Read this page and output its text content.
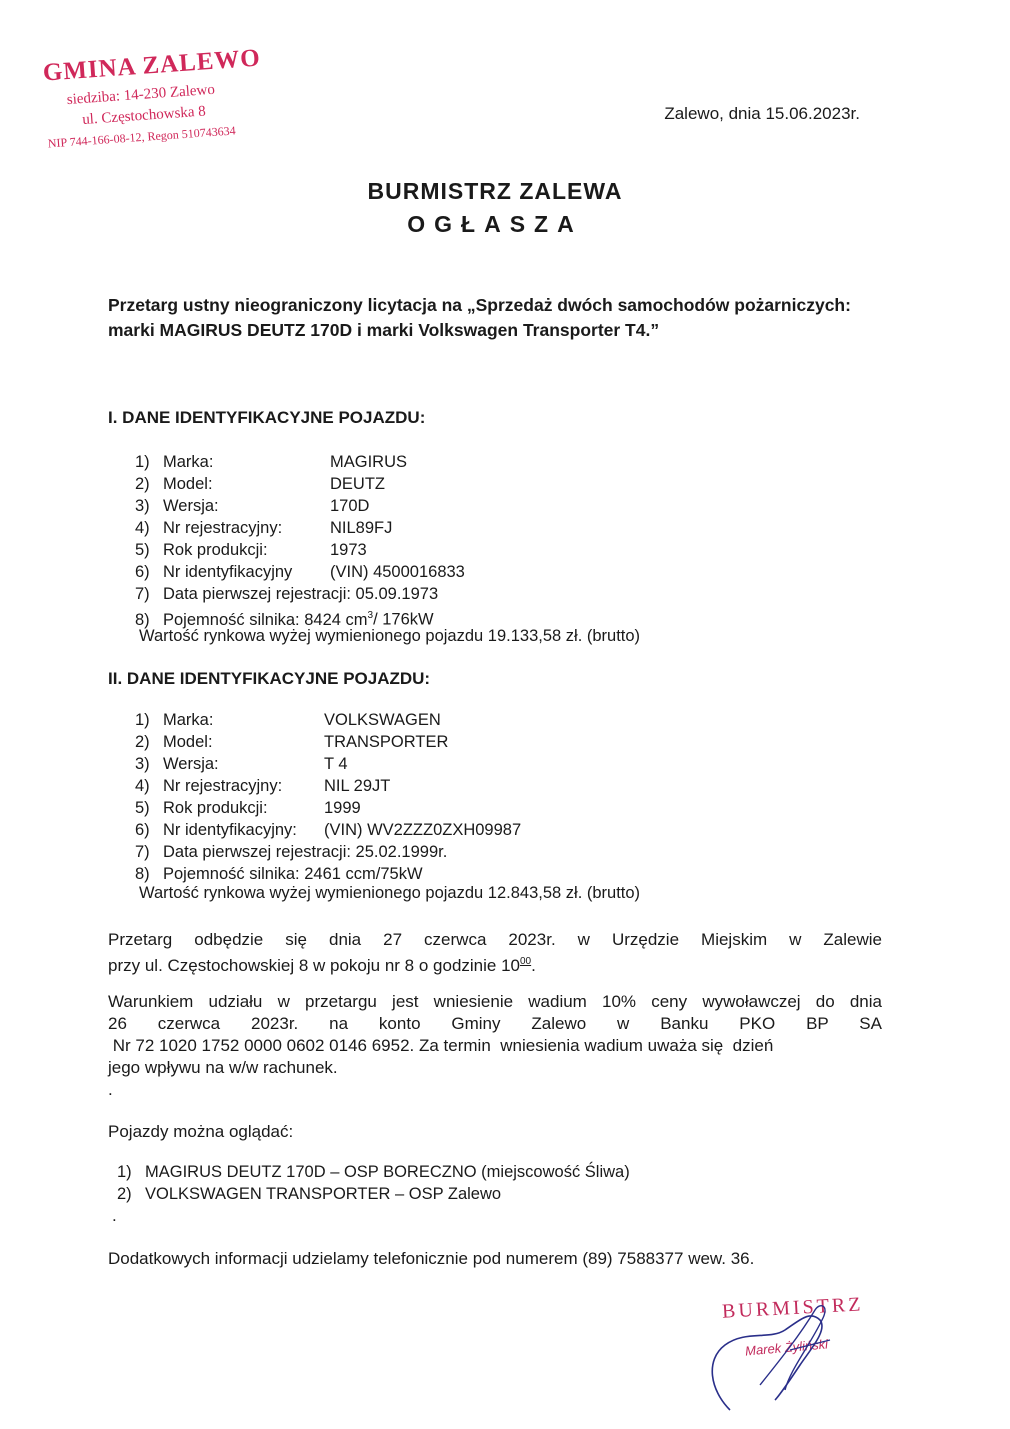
GMINA ZALEWO
siedziba: 14-230 Zalewo
ul. Częstochowska 8
NIP 744-166-08-12, Regon 510743634
Zalewo, dnia 15.06.2023r.
BURMISTRZ ZALEWA
OGŁASZA
Przetarg ustny nieograniczony licytacja na „Sprzedaż dwóch samochodów pożarniczych: marki MAGIRUS DEUTZ 170D i marki Volkswagen Transporter T4.”
I. DANE IDENTYFIKACYJNE POJAZDU:
1) Marka:	MAGIRUS
2) Model:	DEUTZ
3) Wersja:	170D
4) Nr rejestracyjny:	NIL89FJ
5) Rok produkcji:	1973
6) Nr identyfikacyjny (VIN) 4500016833
7) Data pierwszej rejestracji: 05.09.1973
8) Pojemność silnika: 8424 $cm^3/$ 176kW
Wartość rynkowa wyżej wymienionego pojazdu 19.133,58 zł. (brutto)
II. DANE IDENTYFIKACYJNE POJAZDU:
1) Marka:	VOLKSWAGEN
2) Model:	TRANSPORTER
3) Wersja:	T 4
4) Nr rejestracyjny:	NIL 29JT
5) Rok produkcji:	1999
6) Nr identyfikacyjny: (VIN) WV2ZZZ0ZXH09987
7) Data pierwszej rejestracji: 25.02.1999r.
8) Pojemność silnika: 2461 ccm/75kW
Wartość rynkowa wyżej wymienionego pojazdu 12.843,58 zł. (brutto)
Przetarg odbędzie się dnia 27 czerwca 2023r. w Urzędzie Miejskim w Zalewie
przy ul. Częstochowskiej 8 w pokoju nr 8 o godzinie $10^{00}$.
Warunkiem udziału w przetargu jest wniesienie wadium 10% ceny wywoławczej do dnia
26 czerwca 2023r. na konto Gminy Zalewo w Banku PKO BP SA
Nr 72 1020 1752 0000 0602 0146 6952. Za termin  wniesienia wadium uważa się  dzień
jego wpływu na w/w rachunek.
.
Pojazdy można oglądać:
1) MAGIRUS DEUTZ 170D – OSP BORECZNO (miejscowość Śliwa)
2) VOLKSWAGEN TRANSPORTER – OSP Zalewo
.
Dodatkowych informacji udzielamy telefonicznie pod numerem (89) 7588377 wew. 36.
BURMISTRZ
Marek Żyliński
